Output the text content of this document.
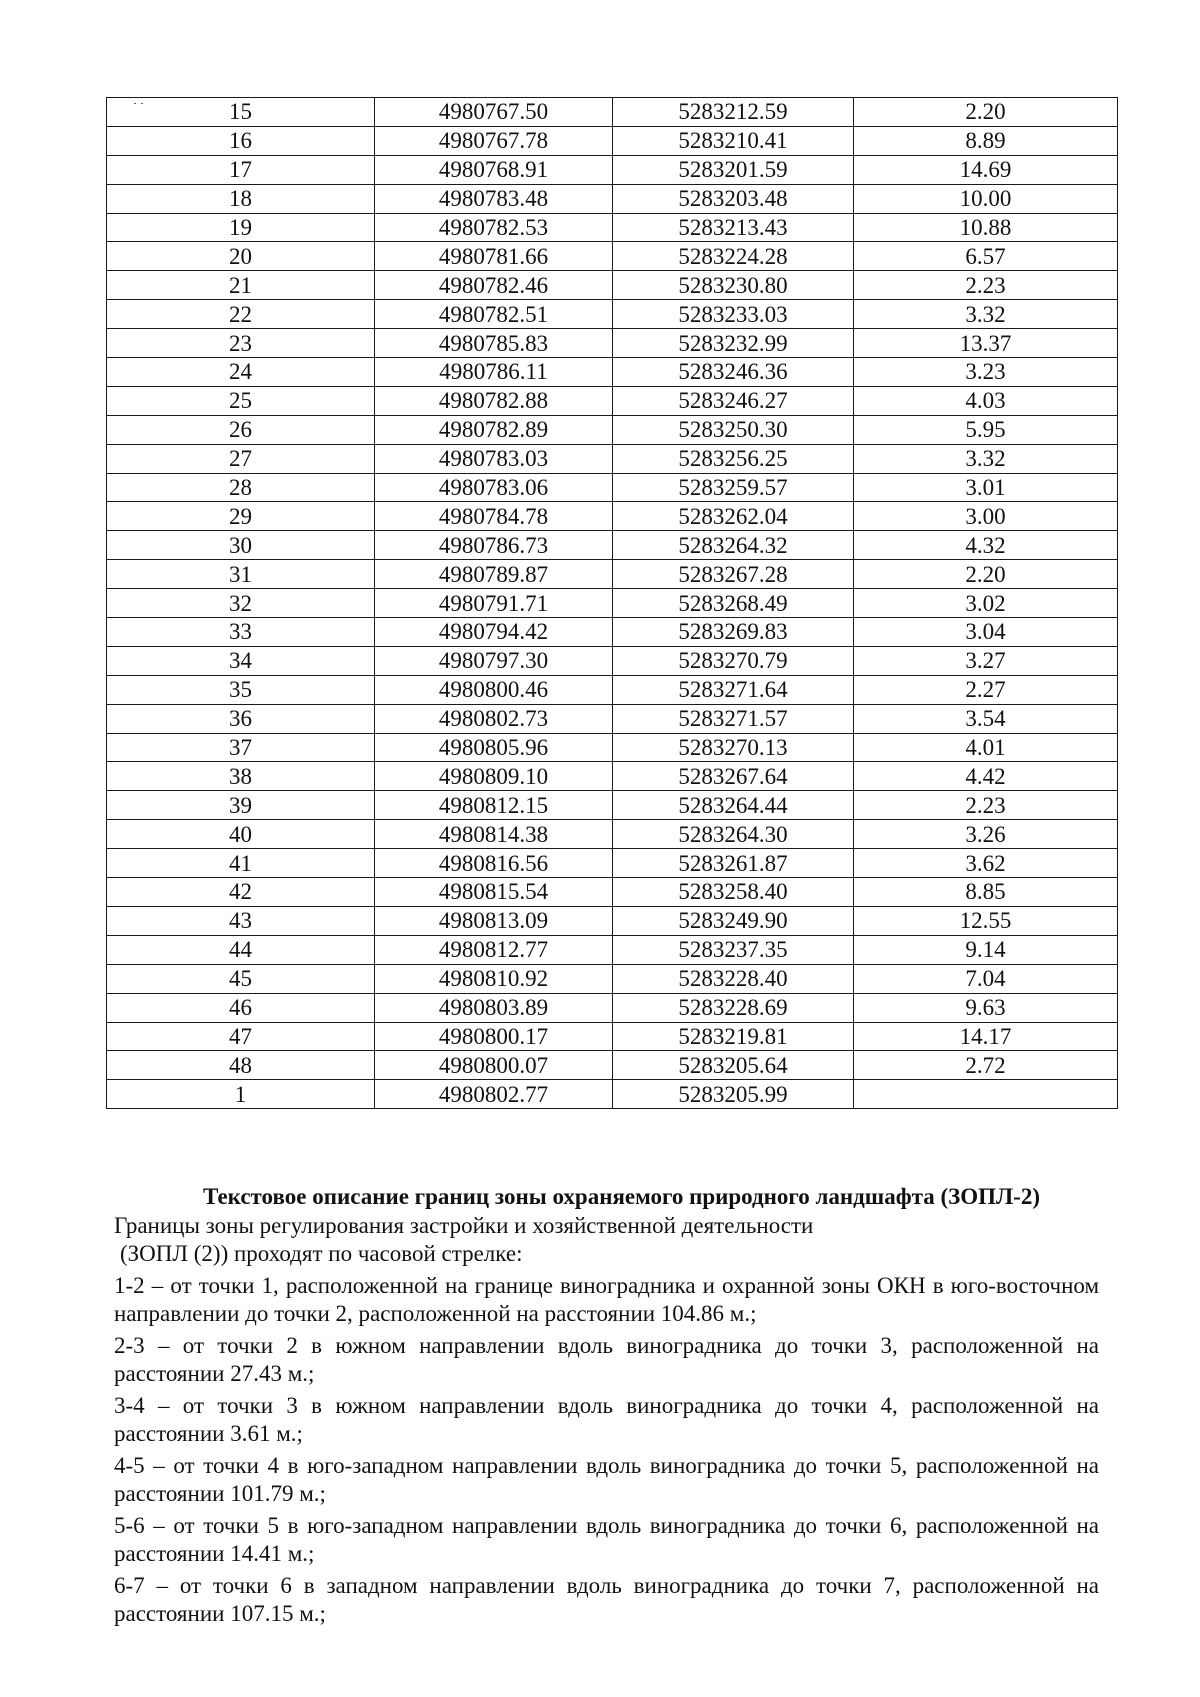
15	4980767.50	5283212.59	2.20
16	4980767.78	5283210.41	8.89
17	4980768.91	5283201.59	14.69
18	4980783.48	5283203.48	10.00
19	4980782.53	5283213.43	10.88
20	4980781.66	5283224.28	6.57
21	4980782.46	5283230.80	2.23
22	4980782.51	5283233.03	3.32
23	4980785.83	5283232.99	13.37
24	4980786.11	5283246.36	3.23
25	4980782.88	5283246.27	4.03
26	4980782.89	5283250.30	5.95
27	4980783.03	5283256.25	3.32
28	4980783.06	5283259.57	3.01
29	4980784.78	5283262.04	3.00
30	4980786.73	5283264.32	4.32
31	4980789.87	5283267.28	2.20
32	4980791.71	5283268.49	3.02
33	4980794.42	5283269.83	3.04
34	4980797.30	5283270.79	3.27
35	4980800.46	5283271.64	2.27
36	4980802.73	5283271.57	3.54
37	4980805.96	5283270.13	4.01
38	4980809.10	5283267.64	4.42
39	4980812.15	5283264.44	2.23
40	4980814.38	5283264.30	3.26
41	4980816.56	5283261.87	3.62
42	4980815.54	5283258.40	8.85
43	4980813.09	5283249.90	12.55
44	4980812.77	5283237.35	9.14
45	4980810.92	5283228.40	7.04
46	4980803.89	5283228.69	9.63
47	4980800.17	5283219.81	14.17
48	4980800.07	5283205.64	2.72
1	4980802.77	5283205.99	

Текстовое описание границ зоны охраняемого природного ландшафта (ЗОПЛ-2)

Границы зоны регулирования застройки и хозяйственной деятельности

(ЗОПЛ (2)) проходят по часовой стрелке:

1-2 – от точки 1, расположенной на границе виноградника и охранной зоны ОКН в юго-восточном направлении до точки 2, расположенной на расстоянии 104.86 м.;

2-3 – от точки 2 в южном направлении вдоль виноградника до точки 3, расположенной на расстоянии 27.43 м.;

3-4 – от точки 3 в южном направлении вдоль виноградника до точки 4, расположенной на расстоянии 3.61 м.;

4-5 – от точки 4 в юго-западном направлении вдоль виноградника до точки 5, расположенной на расстоянии 101.79 м.;

5-6 – от точки 5 в юго-западном направлении вдоль виноградника до точки 6, расположенной на расстоянии 14.41 м.;

6-7 – от точки 6 в западном направлении вдоль виноградника до точки 7, расположенной на расстоянии 107.15 м.;
